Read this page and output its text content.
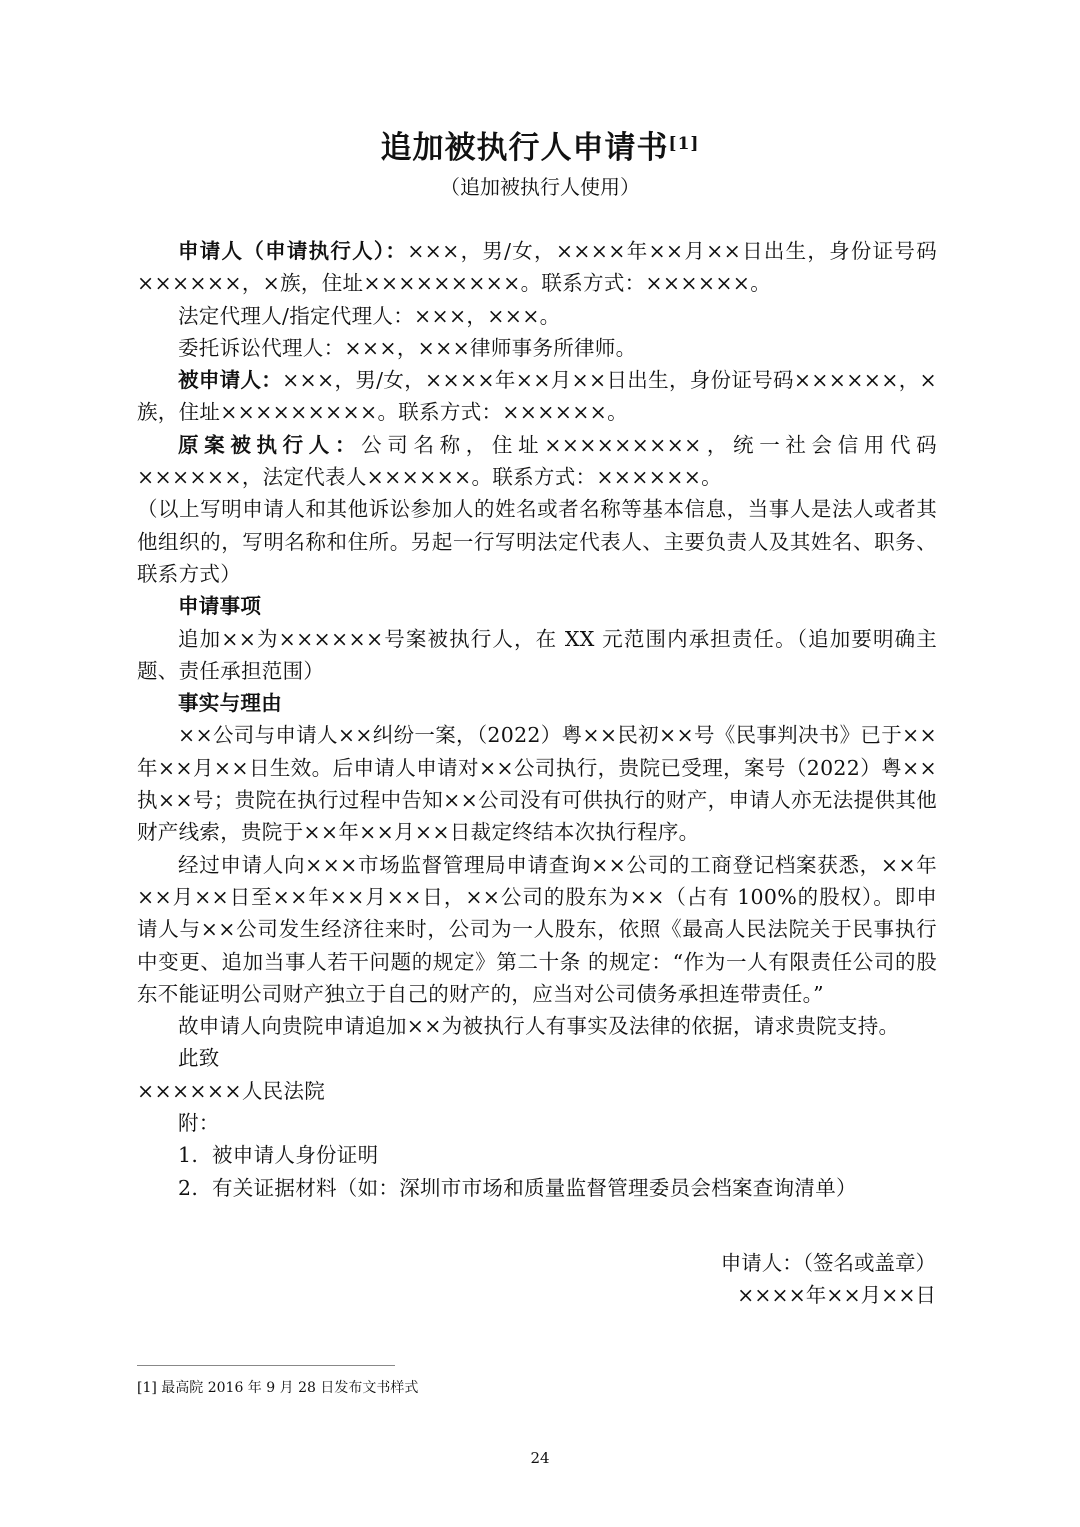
追加被执行人申请书[1]
（追加被执行人使用）

申请人（申请执行人）：×××，男/女，××××年××月××日出生，身份证号码××××××，×族，住址×××××××××。联系方式：××××××。

法定代理人/指定代理人：×××，×××。

委托诉讼代理人：×××，×××律师事务所律师。

被申请人：×××，男/女，××××年××月××日出生，身份证号码××××××，×族，住址×××××××××。联系方式：××××××。

原案被执行人：公司名称，住址×××××××××，统一社会信用代码××××××，法定代表人××××××。联系方式：××××××。

（以上写明申请人和其他诉讼参加人的姓名或者名称等基本信息，当事人是法人或者其他组织的，写明名称和住所。另起一行写明法定代表人、主要负责人及其姓名、职务、联系方式）

申请事项

追加××为××××××号案被执行人，在 XX 元范围内承担责任。（追加要明确主题、责任承担范围）

事实与理由

××公司与申请人××纠纷一案，（2022）粤××民初××号《民事判决书》已于××年××月××日生效。后申请人申请对××公司执行，贵院已受理，案号（2022）粤××执××号；贵院在执行过程中告知××公司没有可供执行的财产，申请人亦无法提供其他财产线索，贵院于××年××月××日裁定终结本次执行程序。

经过申请人向×××市场监督管理局申请查询××公司的工商登记档案获悉，××年××月××日至××年××月××日，××公司的股东为××（占有 100%的股权）。即申请人与××公司发生经济往来时，公司为一人股东，依照《最高人民法院关于民事执行中变更、追加当事人若干问题的规定》第二十条 的规定：“作为一人有限责任公司的股东不能证明公司财产独立于自己的财产的，应当对公司债务承担连带责任。”

故申请人向贵院申请追加××为被执行人有事实及法律的依据，请求贵院支持。

此致

××××××人民法院

附：

1. 被申请人身份证明

2. 有关证据材料（如：深圳市市场和质量监督管理委员会档案查询清单）

申请人：（签名或盖章）
××××年××月××日
[1] 最高院 2016 年 9 月 28 日发布文书样式
24
